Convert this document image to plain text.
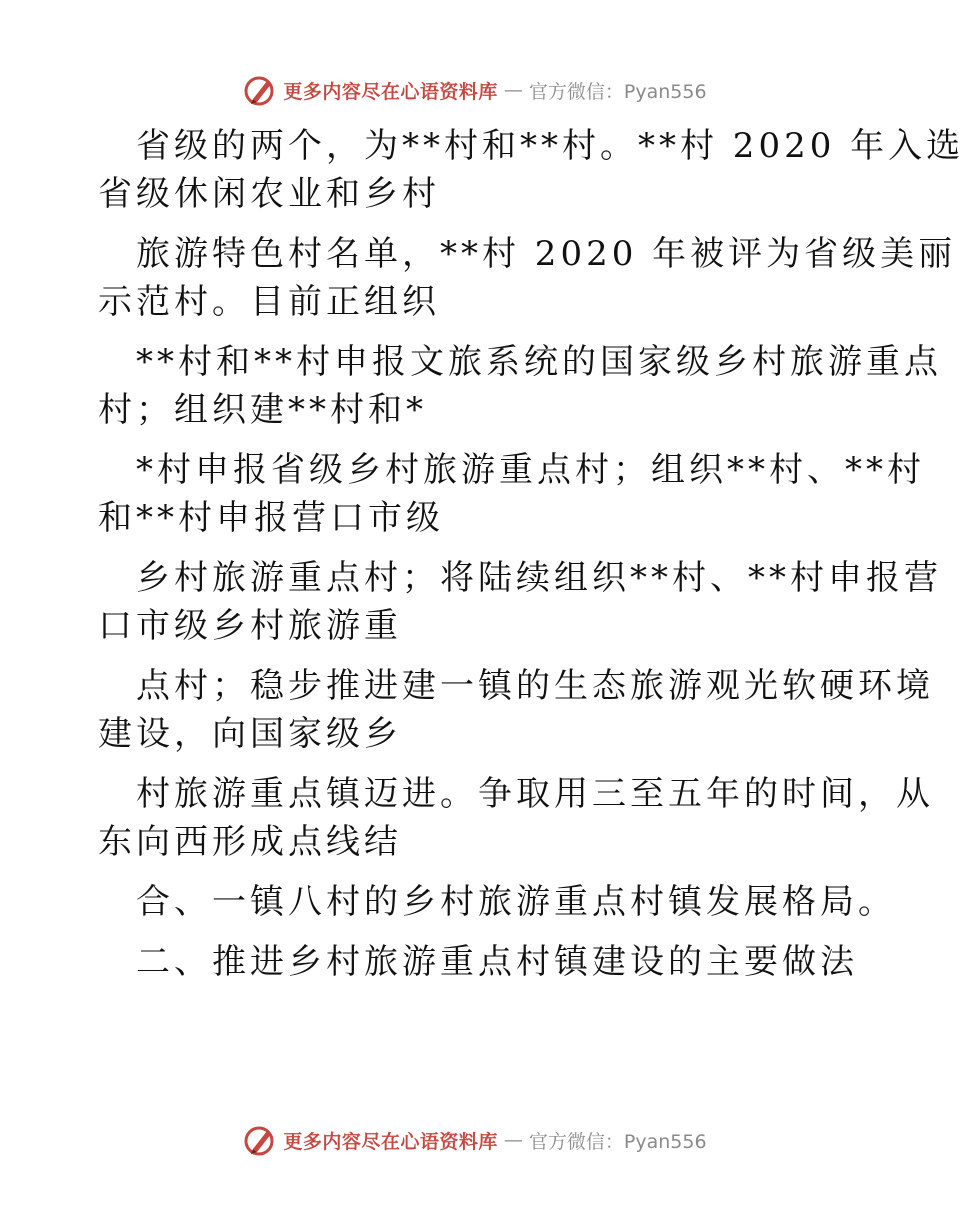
更多内容尽在心语资料库 — 官方微信：Pyan556
省级的两个，为**村和**村。**村 2020 年入选
省级休闲农业和乡村
旅游特色村名单，**村 2020 年被评为省级美丽
示范村。目前正组织
**村和**村申报文旅系统的国家级乡村旅游重点
村；组织建**村和*
*村申报省级乡村旅游重点村；组织**村、**村
和**村申报营口市级
乡村旅游重点村；将陆续组织**村、**村申报营
口市级乡村旅游重
点村；稳步推进建一镇的生态旅游观光软硬环境
建设，向国家级乡
村旅游重点镇迈进。争取用三至五年的时间，从
东向西形成点线结
合、一镇八村的乡村旅游重点村镇发展格局。
二、推进乡村旅游重点村镇建设的主要做法
更多内容尽在心语资料库 — 官方微信：Pyan556
